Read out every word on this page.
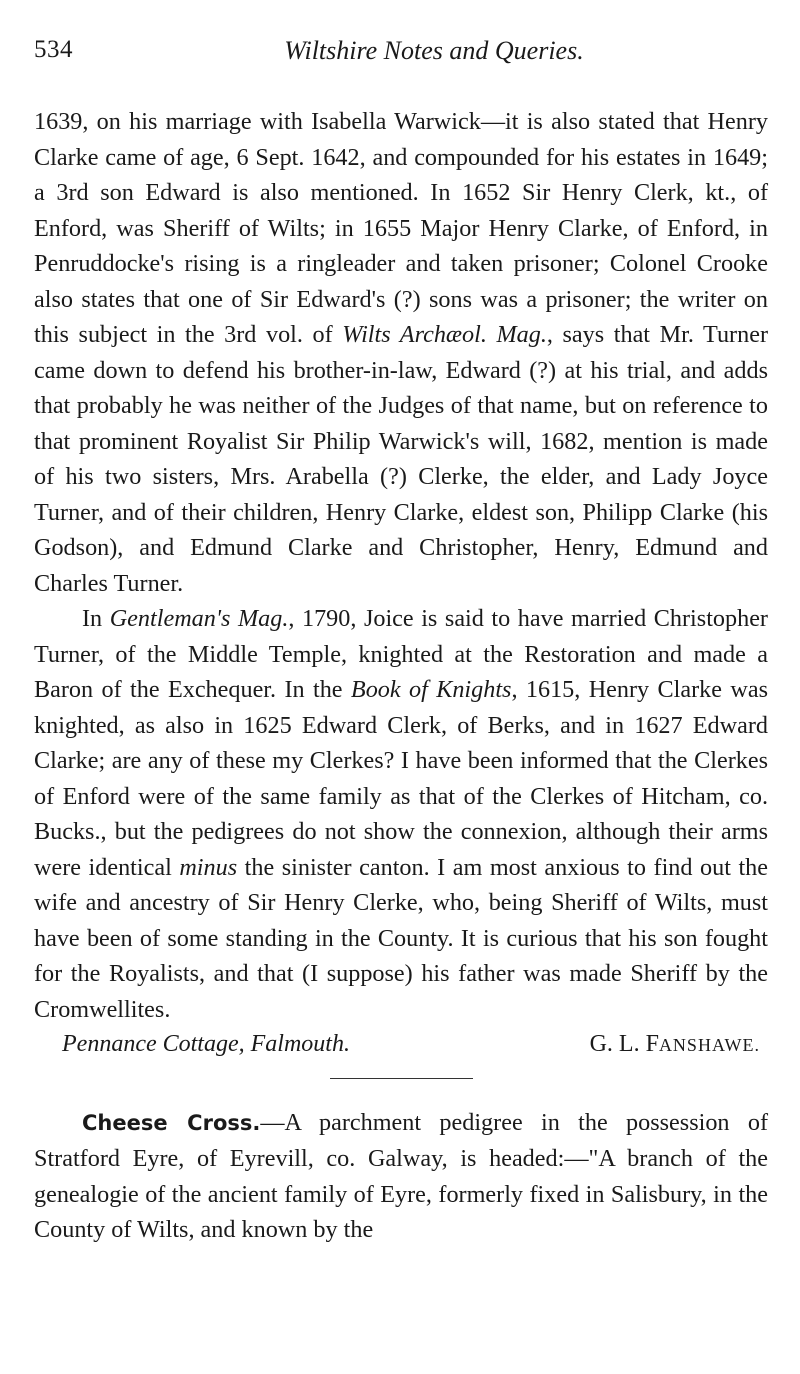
534	Wiltshire Notes and Queries.

1639, on his marriage with Isabella Warwick—it is also stated that Henry Clarke came of age, 6 Sept. 1642, and compounded for his estates in 1649; a 3rd son Edward is also mentioned. In 1652 Sir Henry Clerk, kt., of Enford, was Sheriff of Wilts; in 1655 Major Henry Clarke, of Enford, in Penruddocke's rising is a ringleader and taken prisoner; Colonel Crooke also states that one of Sir Edward's (?) sons was a prisoner; the writer on this subject in the 3rd vol. of Wilts Archæol. Mag., says that Mr. Turner came down to defend his brother-in-law, Edward (?) at his trial, and adds that probably he was neither of the Judges of that name, but on reference to that prominent Royalist Sir Philip Warwick's will, 1682, mention is made of his two sisters, Mrs. Arabella (?) Clerke, the elder, and Lady Joyce Turner, and of their children, Henry Clarke, eldest son, Philipp Clarke (his Godson), and Edmund Clarke and Christopher, Henry, Edmund and Charles Turner.

In Gentleman's Mag., 1790, Joice is said to have married Christopher Turner, of the Middle Temple, knighted at the Restoration and made a Baron of the Exchequer. In the Book of Knights, 1615, Henry Clarke was knighted, as also in 1625 Edward Clerk, of Berks, and in 1627 Edward Clarke; are any of these my Clerkes? I have been informed that the Clerkes of Enford were of the same family as that of the Clerkes of Hitcham, co. Bucks., but the pedigrees do not show the connexion, although their arms were identical minus the sinister canton. I am most anxious to find out the wife and ancestry of Sir Henry Clerke, who, being Sheriff of Wilts, must have been of some standing in the County. It is curious that his son fought for the Royalists, and that (I suppose) his father was made Sheriff by the Cromwellites.

Pennance Cottage, Falmouth.	G. L. FANSHAWE.

Cheese Cross.—A parchment pedigree in the possession of Stratford Eyre, of Eyrevill, co. Galway, is headed:—"A branch of the genealogie of the ancient family of Eyre, formerly fixed in Salisbury, in the County of Wilts, and known by the
